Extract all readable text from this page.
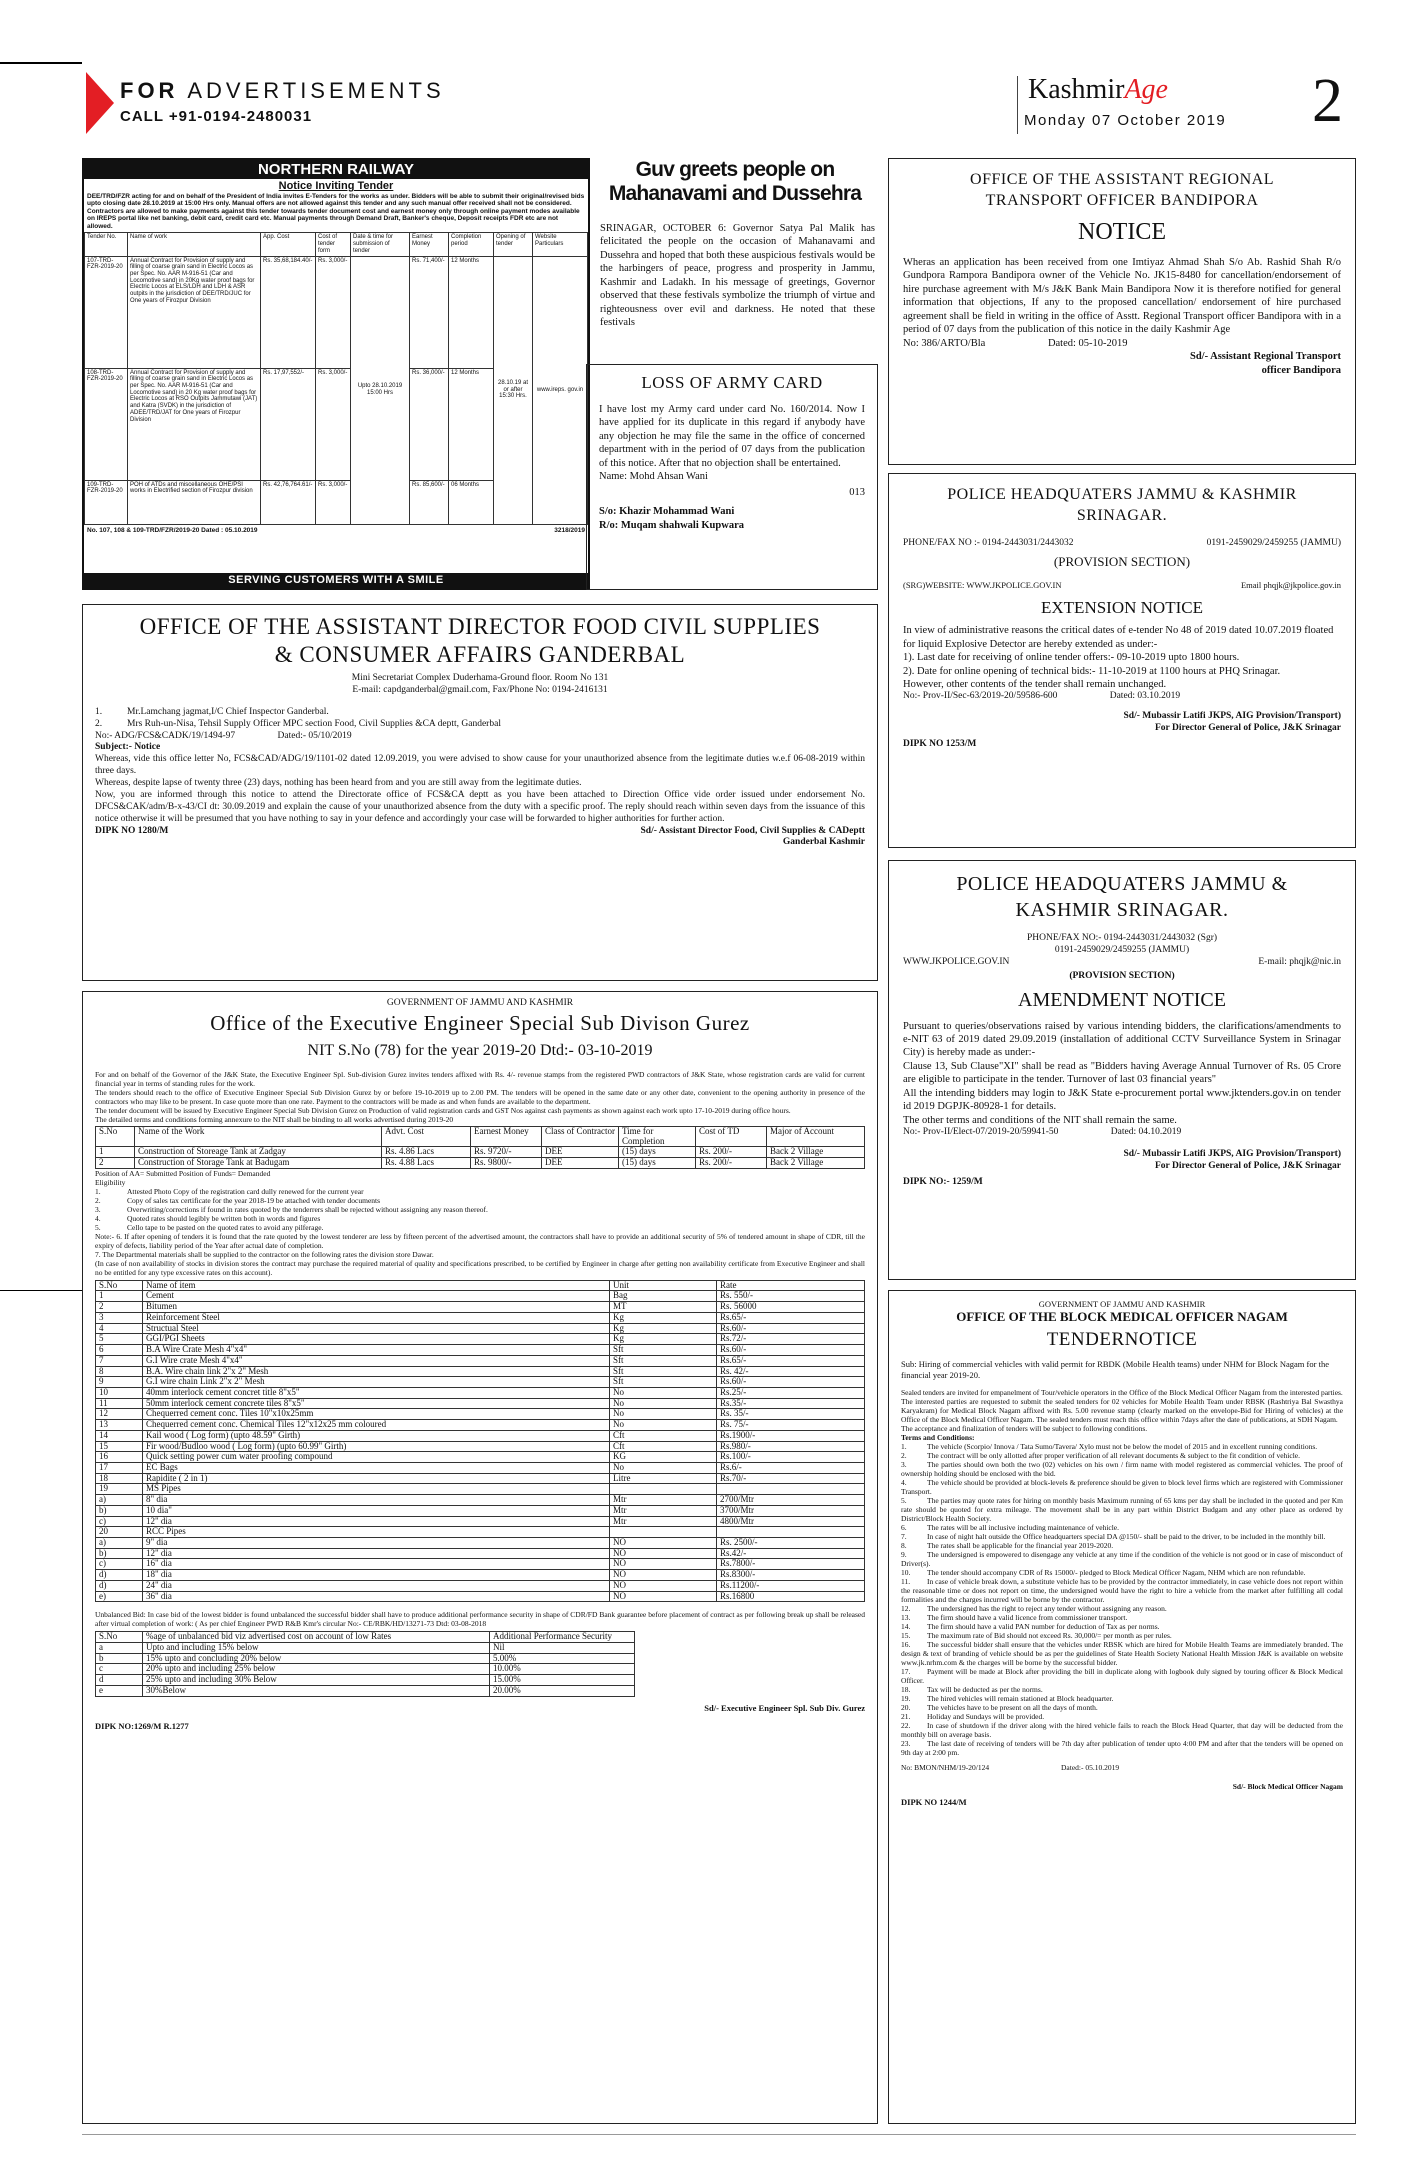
FOR ADVERTISEMENTS
CALL +91-0194-2480031
KashmirAge
Monday 07 October 2019 2
NORTHERN RAILWAY
Notice Inviting Tender

DEE/TRD/FZR acting for and on behalf of the President of India invites E-Tenders for the works as under. Bidders will be able to submit their original/revised bids upto closing date 28.10.2019 at 15:00 Hrs only. Manual offers are not allowed against this tender and any such manual offer received shall not be considered. Contractors are allowed to make payments against this tender towards tender document cost and earnest money only through online payment modes available on IREPS portal like net banking, debit card, credit card etc. Manual payments through Demand Draft, Banker's cheque, Deposit receipts FDR etc are not allowed.

Tender No.	Name of work	App. Cost	Cost of tender form	Date & time for submission of tender	Earnest Money	Completion period	Opening of tender	Website Particulars
107-TRD-FZR-2019-20	Annual Contract for Provision of supply and filling of coarse grain sand in Electric Locos as per Spec. No. AAR M-916-51 (Car and Locomotive sand) in 20Kg water proof bags for Electric Locos at ELS/LDH and LDH & ASR outpits in the jurisdiction of DEE/TRD/JUC for One years of Firozpur Division	Rs. 35,68,184.40/-	Rs. 3,000/-	Upto 28.10.2019 15:00 Hrs	Rs. 71,400/-	12 Months	28.10.19 at or after 15:30 Hrs.	www.ireps. gov.in
108-TRD-FZR-2019-20	Annual Contract for Provision of supply and filling of coarse grain sand in Electric Locos as per Spec. No. AAR M-916-51 (Car and Locomotive sand) in 20 Kg water proof bags for Electric Locos at RSO Outpits Jammutawi (JAT) and Katra (SVDK) in the jurisdiction of ADEE/TRD/JAT for One years of Firozpur Division	Rs. 17,97,552/-	Rs. 3,000/-		Rs. 36,000/-	12 Months		
109-TRD-FZR-2019-20	POH of ATDs and miscellaneous OHE/PSI works in Electrified section of Firozpur division	Rs. 42,76,764.61/-	Rs. 3,000/-		Rs. 85,600/-	06 Months		
No. 107, 108 & 109-TRD/FZR/2019-20 Dated : 05.10.2019	3218/2019
SERVING CUSTOMERS WITH A SMILE
Guv greets people on Mahanavami and Dussehra

SRINAGAR, OCTOBER 6: Governor Satya Pal Malik has felicitated the people on the occasion of Mahanavami and Dussehra and hoped that both these auspicious festivals would be the harbingers of peace, progress and prosperity in Jammu, Kashmir and Ladakh. In his message of greetings, Governor observed that these festivals symbolize the triumph of virtue and righteousness over evil and darkness. He noted that these festivals

LOSS OF ARMY CARD

I have lost my Army card under card No. 160/2014. Now I have applied for its duplicate in this regard if anybody have any objection he may file the same in the office of concerned department with in the period of 07 days from the publication of this notice. After that no objection shall be entertained.

Name: Mohd Ahsan Wani
013
S/o: Khazir Mohammad Wani
R/o: Muqam shahwali Kupwara
OFFICE OF THE ASSISTANT DIRECTOR FOOD CIVIL SUPPLIES & CONSUMER AFFAIRS GANDERBAL
Mini Secretariat Complex Duderhama-Ground floor. Room No 131
E-mail: capdganderbal@gmail.com, Fax/Phone No: 0194-2416131
1.	Mr.Lamchang jagmat,I/C Chief Inspector Ganderbal.
2.	Mrs Ruh-un-Nisa, Tehsil Supply Officer MPC section Food, Civil Supplies &CA deptt, Ganderbal
No:- ADG/FCS&CADK/19/1494-97	Dated:- 05/10/2019
Subject:- Notice

Whereas, vide this office letter No, FCS&CAD/ADG/19/1101-02 dated 12.09.2019, you were advised to show cause for your unauthorized absence from the legitimate duties w.e.f 06-08-2019 within three days.

Whereas, despite lapse of twenty three (23) days, nothing has been heard from and you are still away from the legitimate duties.

Now, you are informed through this notice to attend the Directorate office of FCS&CA deptt as you have been attached to Direction Office vide order issued under endorsement No. DFCS&CAK/adm/B-x-43/CI dt: 30.09.2019 and explain the cause of your unauthorized absence from the duty with a specific proof. The reply should reach within seven days from the issuance of this notice otherwise it will be presumed that you have nothing to say in your defence and accordingly your case will be forwarded to higher authorities for further action.

DIPK NO 1280/M	Sd/- Assistant Director Food, Civil Supplies & CADeptt
Ganderbal Kashmir
GOVERNMENT OF JAMMU AND KASHMIR
Office of the Executive Engineer Special Sub Divison Gurez
NIT S.No (78) for the year 2019-20 Dtd:- 03-10-2019

For and on behalf of the Governor of the J&K State, the Executive Engineer Spl. Sub-division Gurez invites tenders affixed with Rs. 4/- revenue stamps from the registered PWD contractors of J&K State, whose registration cards are valid for current financial year in terms of standing rules for the work.

The tenders should reach to the office of Executive Engineer Special Sub Division Gurez by or before 19-10-2019 up to 2.00 PM. The tenders will be opened in the same date or any other date, convenient to the opening authority in presence of the contractors who may like to be present. In case quote more than one rate. Payment to the contractors will be made as and when funds are available to the department.

The tender document will be issued by Executive Engineer Special Sub Division Gurez on Production of valid registration cards and GST Nos against cash payments as shown against each work upto 17-10-2019 during office hours.

The detailed terms and conditions forming annexure to the NIT shall be binding to all works advertised during 2019-20

S.No	Name of the Work	Advt. Cost	Earnest Money	Class of Contractor	Time for Completion	Cost of TD	Major of Account
1	Construction of Storeage Tank at Zadgay	Rs. 4.86 Lacs	Rs. 9720/-	DEE	(15) days	Rs. 200/-	Back 2 Village
2	Construction of Storage Tank at Badugam	Rs. 4.88 Lacs	Rs. 9800/-	DEE	(15) days	Rs. 200/-	Back 2 Village
Position of AA= Submitted Position of Funds= Demanded
Eligibility
1.	Attested Photo Copy of the registration card dully renewed for the current year
2.	Copy of sales tax certificate for the year 2018-19 be attached with tender documents
3.	Overwriting/corrections if found in rates quoted by the tenderrers shall be rejected without assigning any reason thereof.
4.	Quoted rates should legibly be written both in words and figures
5.	Cello tape to be pasted on the quoted rates to avoid any pilferage.

Note:- 6. If after opening of tenders it is found that the rate quoted by the lowest tenderer are less by fifteen percent of the advertised amount, the contractors shall have to provide an additional security of 5% of tendered amount in shape of CDR, till the expiry of defects, liability period of the Year after actual date of completion.

7. The Departmental materials shall be supplied to the contractor on the following rates the division store Dawar.

(In case of non availability of stocks in division stores the contract may purchase the required material of quality and specifications prescribed, to be certified by Engineer in charge after getting non availability certificate from Executive Engineer and shall no be entitled for any type excessive rates on this account).

S.No	Name of item	Unit	Rate
1	Cement	Bag	Rs. 550/-
2	Bitumen	MT	Rs. 56000
3	Reinforcement Steel	Kg	Rs.65/-
4	Structual Steel	Kg	Rs.60/-
5	GGI/PGI Sheets	Kg	Rs.72/-
6	B.A Wire Crate Mesh 4"x4"	Sft	Rs.60/-
7	G.I Wire crate Mesh 4"x4"	Sft	Rs.65/-
8	B.A. Wire chain link 2"x 2" Mesh	Sft	Rs. 42/-
9	G.I wire chain Link 2"x 2" Mesh	Sft	Rs.60/-
10	40mm interlock cement concret title 8"x5"	No	Rs.25/-
11	50mm interlock cement concrete tiles 8"x5"	No	Rs.35/-
12	Chequerred cement conc. Tiles 10"x10x25mm	No	Rs. 35/-
13	Chequerred cement conc. Chemical Tiles 12"x12x25 mm coloured	No	Rs. 75/-
14	Kail wood ( Log form) (upto 48.59" Girth)	Cft	Rs.1900/-
15	Fir wood/Budloo wood ( Log form) (upto 60.99" Girth)	Cft	Rs.980/-
16	Quick setting power cum water proofing compound	KG	Rs.100/-
17	EC Bags	No	Rs.6/-
18	Rapidite ( 2 in 1)	Litre	Rs.70/-
19	MS Pipes		
a)	8" dia	Mtr	2700/Mtr
b)	10 dia"	Mtr	3700/Mtr
c)	12" dia	Mtr	4800/Mtr
20	RCC Pipes		
a)	9" dia	NO	Rs. 2500/-
b)	12" dia	NO	Rs.42/-
c)	16" dia	NO	Rs.7800/-
d)	18" dia	NO	Rs.8300/-
d)	24" dia	NO	Rs.11200/-
e)	36" dia	NO	Rs.16800

Unbalanced Bid: In case bid of the lowest bidder is found unbalanced the successful bidder shall have to produce additional performance security in shape of CDR/FD Bank guarantee before placement of contract as per following break up shall be released after virtual completion of work: ( As per chief Engineer PWD R&B Kmr's circular No:- CE/RBK/HD/13271-73 Dtd: 03-08-2018

S.No	%age of unbalanced bid viz advertised cost on account of low Rates	Additional Performance Security
a	Upto and including 15% below	Nil
b	15% upto and concluding 20% below	5.00%
c	20% upto and including 25% below	10.00%
d	25% upto and including 30% Below	15.00%
e	30%Below	20.00%
Sd/- Executive Engineer Spl. Sub Div. Gurez
DIPK NO:1269/M R.1277
OFFICE OF THE ASSISTANT REGIONAL TRANSPORT OFFICER BANDIPORA
NOTICE

Wheras an application has been received from one Imtiyaz Ahmad Shah S/o Ab. Rashid Shah R/o Gundpora Rampora Bandipora owner of the Vehicle No. JK15-8480 for cancellation/endorsement of hire purchase agreement with M/s J&K Bank Main Bandipora Now it is therefore notified for general information that objections, If any to the proposed cancellation/ endorsement of hire purchased agreement shall be field in writing in the office of Asstt. Regional Transport officer Bandipora with in a period of 07 days from the publication of this notice in the daily Kashmir Age

No: 386/ARTO/Bla	Dated: 05-10-2019
Sd/- Assistant Regional Transport
officer Bandipora
POLICE HEADQUATERS JAMMU & KASHMIR SRINAGAR.
PHONE/FAX NO :- 0194-2443031/2443032	0191-2459029/2459255 (JAMMU)
(PROVISION SECTION)
(SRG)WEBSITE: WWW.JKPOLICE.GOV.IN	Email phqjk@jkpolice.gov.in
EXTENSION NOTICE

In view of administrative reasons the critical dates of e-tender No 48 of 2019 dated 10.07.2019 floated for liquid Explosive Detector are hereby extended as under:-

1). Last date for receiving of online tender offers:- 09-10-2019 upto 1800 hours.

2). Date for online opening of technical bids:- 11-10-2019 at 1100 hours at PHQ Srinagar.

However, other contents of the tender shall remain unchanged.

No:- Prov-II/Sec-63/2019-20/59586-600	Dated: 03.10.2019
Sd/- Mubassir Latifi JKPS, AIG Provision/Transport)
For Director General of Police, J&K Srinagar
DIPK NO 1253/M
POLICE HEADQUATERS JAMMU & KASHMIR SRINAGAR.
PHONE/FAX NO:- 0194-2443031/2443032 (Sgr)
0191-2459029/2459255 (JAMMU)
WWW.JKPOLICE.GOV.IN	E-mail: phqjk@nic.in
(PROVISION SECTION)
AMENDMENT NOTICE

Pursuant to queries/observations raised by various intending bidders, the clarifications/amendments to e-NIT 63 of 2019 dated 29.09.2019 (installation of additional CCTV Surveillance System in Srinagar City) is hereby made as under:-

Clause 13, Sub Clause"XI" shall be read as "Bidders having Average Annual Turnover of Rs. 05 Crore are eligible to participate in the tender. Turnover of last 03 financial years"

All the intending bidders may login to J&K State e-procurement portal www.jktenders.gov.in on tender id 2019 DGPJK-80928-1 for details.

The other terms and conditions of the NIT shall remain the same.

No:- Prov-II/Elect-07/2019-20/59941-50	Dated: 04.10.2019
Sd/- Mubassir Latifi JKPS, AIG Provision/Transport)
For Director General of Police, J&K Srinagar
DIPK NO:- 1259/M
GOVERNMENT OF JAMMU AND KASHMIR
OFFICE OF THE BLOCK MEDICAL OFFICER NAGAM
TENDERNOTICE

Sub: Hiring of commercial vehicles with valid permit for RBDK (Mobile Health teams) under NHM for Block Nagam for the financial year 2019-20.

Sealed tenders are invited for empanelment of Tour/vehicle operators in the Office of the Block Medical Officer Nagam from the interested parties.

The interested parties are requested to submit the sealed tenders for 02 vehicles for Mobile Health Team under RBSK (Rashtriya Bal Swasthya Karyakram) for Medical Block Nagam affixed with Rs. 5.00 revenue stamp (clearly marked on the envelope-Bid for Hiring of vehicles) at the Office of the Block Medical Officer Nagam. The sealed tenders must reach this office within 7days after the date of publications, at SDH Nagam.

The acceptance and finalization of tenders will be subject to following conditions.

Terms and Conditions:
1.	The vehicle (Scorpio/ Innova / Tata Sumo/Tavera/ Xylo must not be below the model of 2015 and in excellent running conditions.
2.	The contract will be only allotted after proper verification of all relevant documents & subject to the fit condition of vehicle.
3.	The parties should own both the two (02) vehicles on his own / firm name with model registered as commercial vehicles. The proof of ownership holding should be enclosed with the bid.
4.	The vehicle should be provided at block-levels & preference should be given to block level firms which are registered with Commissioner Transport.
5.	The parties may quote rates for hiring on monthly basis Maximum running of 65 kms per day shall be included in the quoted and per Km rate should be quoted for extra mileage. The movement shall be in any part within District Budgam and any other place as ordered by District/Block Health Society.
6.	The rates will be all inclusive including maintenance of vehicle.
7.	In case of night halt outside the Office headquarters special DA @150/- shall be paid to the driver, to be included in the monthly bill.
8.	The rates shall be applicable for the financial year 2019-2020.
9.	The undersigned is empowered to disengage any vehicle at any time if the condition of the vehicle is not good or in case of misconduct of Driver(s).
10. The tender should accompany CDR of Rs 15000/- pledged to Block Medical Officer Nagam, NHM which are non refundable.
11. In case of vehicle break down, a substitute vehicle has to be provided by the contractor immediately, in case vehicle does not report within the reasonable time or does not report on time, the undersigned would have the right to hire a vehicle from the market after fulfilling all codal formalities and the charges incurred will be borne by the contractor.
12. The undersigned has the right to reject any tender without assigning any reason.
13. The firm should have a valid licence from commissioner transport.
14. The firm should have a valid PAN number for deduction of Tax as per norms.
15. The maximum rate of Bid should not exceed Rs. 30,000/= per month as per rules.
16. The successful bidder shall ensure that the vehicles under RBSK which are hired for Mobile Health Teams are immediately branded. The design & text of branding of vehicle should be as per the guidelines of State Health Society National Health Mission J&K is available on website www.jk.nrhm.com & the charges will be borne by the successful bidder.
17. Payment will be made at Block after providing the bill in duplicate along with logbook duly signed by touring officer & Block Medical Officer.
18. Tax will be deducted as per the norms.
19. The hired vehicles will remain stationed at Block headquarter.
20. The vehicles have to be present on all the days of month.
21. Holiday and Sundays will be provided.
22. In case of shutdown if the driver along with the hired vehicle fails to reach the Block Head Quarter, that day will be deducted from the monthly bill on average basis.
23. The last date of receiving of tenders will be 7th day after publication of tender upto 4:00 PM and after that the tenders will be opened on 9th day at 2:00 pm.
No: BMON/NHM/19-20/124	Dated:- 05.10.2019
Sd/- Block Medical Officer Nagam
DIPK NO 1244/M
